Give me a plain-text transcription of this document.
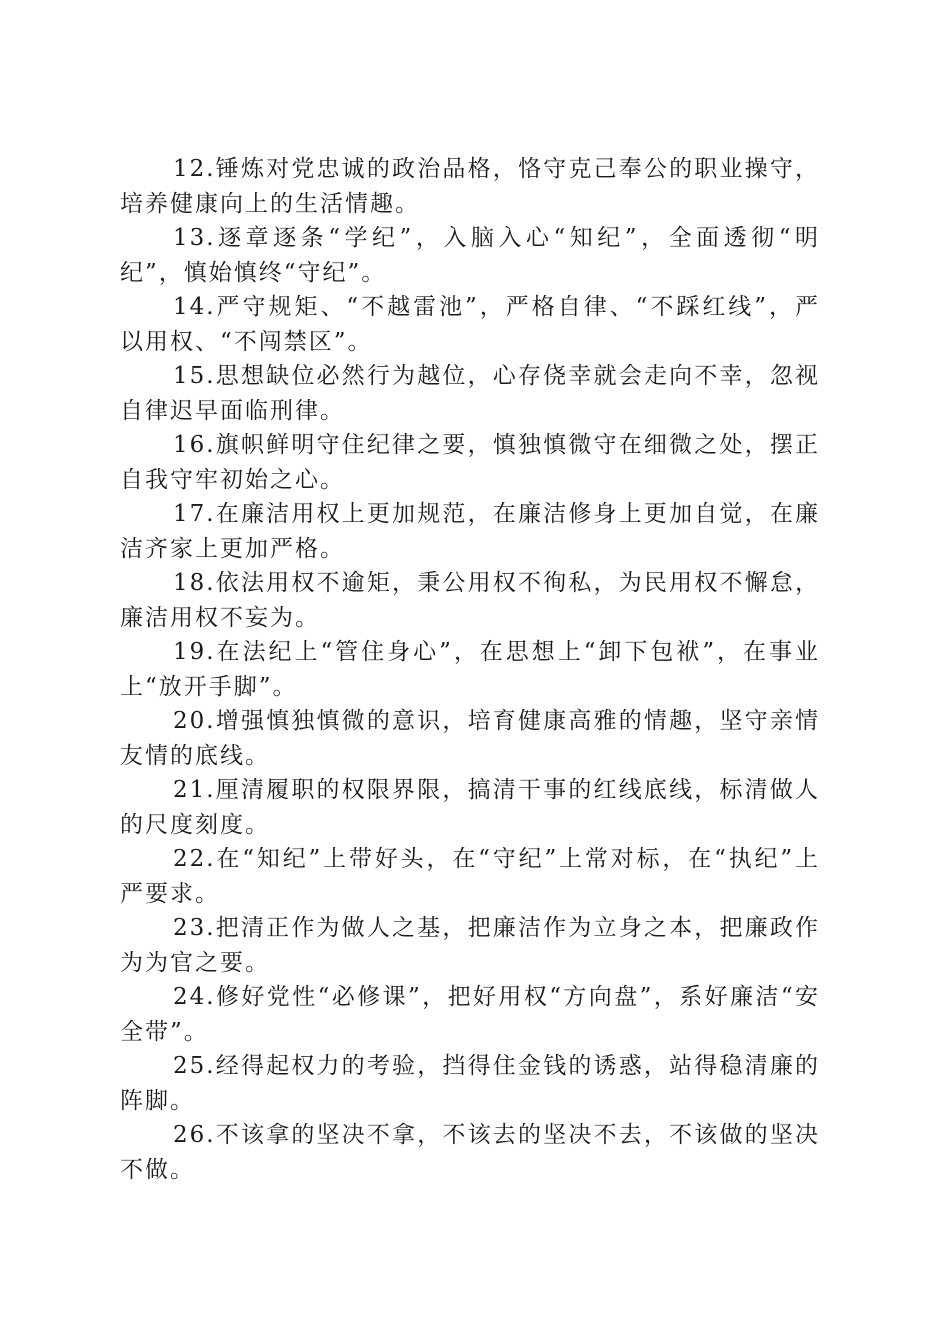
12.锤炼对党忠诚的政治品格，恪守克己奉公的职业操守，培养健康向上的生活情趣。

13.逐章逐条“学纪”，入脑入心“知纪”，全面透彻“明纪”，慎始慎终“守纪”。

14.严守规矩、“不越雷池”，严格自律、“不踩红线”，严以用权、“不闯禁区”。

15.思想缺位必然行为越位，心存侥幸就会走向不幸，忽视自律迟早面临刑律。

16.旗帜鲜明守住纪律之要，慎独慎微守在细微之处，摆正自我守牢初始之心。

17.在廉洁用权上更加规范，在廉洁修身上更加自觉，在廉洁齐家上更加严格。

18.依法用权不逾矩，秉公用权不徇私，为民用权不懈怠，廉洁用权不妄为。

19.在法纪上“管住身心”，在思想上“卸下包袱”，在事业上“放开手脚”。

20.增强慎独慎微的意识，培育健康高雅的情趣，坚守亲情友情的底线。

21.厘清履职的权限界限，搞清干事的红线底线，标清做人的尺度刻度。

22.在“知纪”上带好头，在“守纪”上常对标，在“执纪”上严要求。

23.把清正作为做人之基，把廉洁作为立身之本，把廉政作为为官之要。

24.修好党性“必修课”，把好用权“方向盘”，系好廉洁“安全带”。

25.经得起权力的考验，挡得住金钱的诱惑，站得稳清廉的阵脚。

26.不该拿的坚决不拿，不该去的坚决不去，不该做的坚决不做。
